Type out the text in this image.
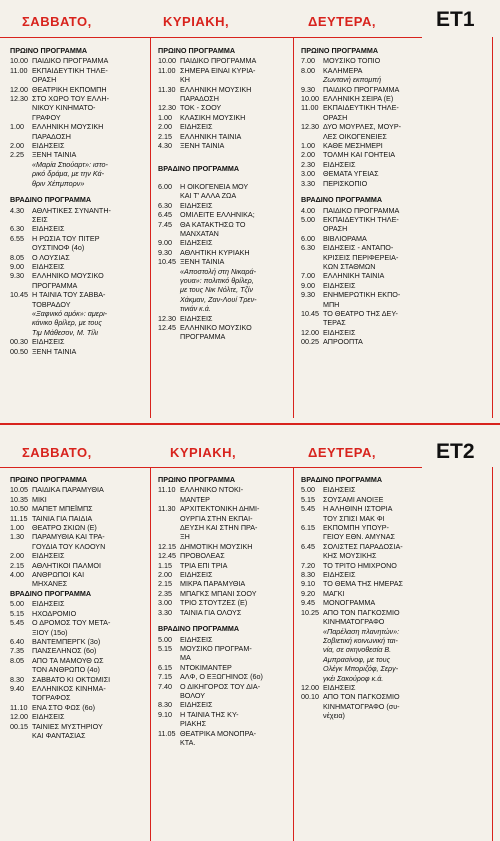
ΣΑΒΒΑΤΟ,	ΚΥΡΙΑΚΗ,	ΔΕΥΤΕΡΑ,	ET1
ΠΡΩΙΝΟ ΠΡΟΓΡΑΜΜΑ
10.00 ΠΑΙΔΙΚΟ ΠΡΟΓΡΑΜΜΑ
11.00 ΕΚΠΑΙΔΕΥΤΙΚΗ ΤΗΛΕ-
ΟΡΑΣΗ
12.00 ΘΕΑΤΡΙΚΗ ΕΚΠΟΜΠΗ
12.30 ΣΤΟ ΧΩΡΟ ΤΟΥ ΕΛΛΗ-
ΝΙΚΟΥ ΚΙΝΗΜΑΤΟ-
ΓΡΑΦΟΥ
1.00	ΕΛΛΗΝΙΚΗ ΜΟΥΣΙΚΗ
ΠΑΡΑΔΟΣΗ
2.00	ΕΙΔΗΣΕΙΣ
2.25	ΞΕΝΗ ΤΑΙΝΙΑ
«Μαρία Στιούαρτ»: ιστο-
ρικό δράμα, με την Κά-
θριν Χέπμπορν»
ΒΡΑΔΙΝΟ ΠΡΟΓΡΑΜΜΑ
4.30	ΑΘΛΗΤΙΚΕΣ ΣΥΝΑΝΤΗ-
ΣΕΙΣ
6.30	ΕΙΔΗΣΕΙΣ
6.55	Η ΡΩΣΙΑ ΤΟΥ ΠΙΤΕΡ
ΟΥΣΤΙΝΟΦ (4ο)
8.05	Ο ΛΟΥΣΙΑΣ
9.00	ΕΙΔΗΣΕΙΣ
9.30	ΕΛΛΗΝΙΚΟ ΜΟΥΣΙΚΟ
ΠΡΟΓΡΑΜΜΑ
10.45 Η ΤΑΙΝΙΑ ΤΟΥ ΣΑΒΒΑ-
ΤΟΒΡΑΔΟΥ
«Ξαφνικό αμόκ»: αμερι-
κάνικο θρίλερ, με τους
Τιμ Μάθεσον, Μ. Τίλι
00.30 ΕΙΔΗΣΕΙΣ
00.50 ΞΕΝΗ ΤΑΙΝΙΑ
ΠΡΩΙΝΟ ΠΡΟΓΡΑΜΜΑ
10.00 ΠΑΙΔΙΚΟ ΠΡΟΓΡΑΜΜΑ
11.00 ΣΗΜΕΡΑ ΕΙΝΑΙ ΚΥΡΙΑ-
ΚΗ
11.30 ΕΛΛΗΝΙΚΗ ΜΟΥΣΙΚΗ
ΠΑΡΑΔΟΣΗ
12.30 ΤΟΚ - ΣΟΟΥ
1.00	ΚΛΑΣΙΚΗ ΜΟΥΣΙΚΗ
2.00	ΕΙΔΗΣΕΙΣ
2.15	ΕΛΛΗΝΙΚΗ ΤΑΙΝΙΑ
4.30	ΞΕΝΗ ΤΑΙΝΙΑ
ΒΡΑΔΙΝΟ ΠΡΟΓΡΑΜΜΑ
6.00	Η ΟΙΚΟΓΕΝΕΙΑ ΜΟΥ
ΚΑΙ Τ' ΑΛΛΑ ΖΩΑ
6.30	ΕΙΔΗΣΕΙΣ
6.45	ΟΜΙΛΕΙΤΕ ΕΛΛΗΝΙΚΑ;
7.45	ΘΑ ΚΑΤΑΚΤΗΣΩ ΤΟ
ΜΑΝΧΑΤΑΝ
9.00	ΕΙΔΗΣΕΙΣ
9.30	ΑΘΛΗΤΙΚΗ ΚΥΡΙΑΚΗ
10.45 ΞΕΝΗ ΤΑΙΝΙΑ
«Αποστολή στη Νικαρά-
γουα»: πολιτικό θρίλερ,
με τους Νικ Νόλτε, Τζίν
Χάκμαν, Ζαν-Λουί Τρεν-
τινιάν κ.ά.
12.30 ΕΙΔΗΣΕΙΣ
12.45 ΕΛΛΗΝΙΚΟ ΜΟΥΣΙΚΟ
ΠΡΟΓΡΑΜΜΑ
ΠΡΩΙΝΟ ΠΡΟΓΡΑΜΜΑ
7.00	ΜΟΥΣΙΚΟ ΤΟΠΙΟ
8.00	ΚΑΛΗΜΕΡΑ
Ζωντανή εκπομπή
9.30	ΠΑΙΔΙΚΟ ΠΡΟΓΡΑΜΜΑ
10.00 ΕΛΛΗΝΙΚΗ ΣΕΙΡΑ (Ε)
11.00 ΕΚΠΑΙΔΕΥΤΙΚΗ ΤΗΛΕ-
ΟΡΑΣΗ
12.30 ΔΥΟ ΜΟΥΡΛΕΣ, ΜΟΥΡ-
ΛΕΣ ΟΙΚΟΓΕΝΕΙΕΣ
1.00	ΚΑΘΕ ΜΕΣΗΜΕΡΙ
2.00	ΤΟΛΜΗ ΚΑΙ ΓΟΗΤΕΙΑ
2.30	ΕΙΔΗΣΕΙΣ
3.00	ΘΕΜΑΤΑ ΥΓΕΙΑΣ
3.30	ΠΕΡΙΣΚΟΠΙΟ
ΒΡΑΔΙΝΟ ΠΡΟΓΡΑΜΜΑ
4.00	ΠΑΙΔΙΚΟ ΠΡΟΓΡΑΜΜΑ
5.00	ΕΚΠΑΙΔΕΥΤΙΚΗ ΤΗΛΕ-
ΟΡΑΣΗ
6.00	ΒΙΒΛΙΟΡΑΜΑ
6.30	ΕΙΔΗΣΕΙΣ - ΑΝΤΑΠΟ-
ΚΡΙΣΕΙΣ ΠΕΡΙΦΕΡΕΙΑ-
ΚΩΝ ΣΤΑΘΜΩΝ
7.00	ΕΛΛΗΝΙΚΗ ΤΑΙΝΙΑ
9.00	ΕΙΔΗΣΕΙΣ
9.30	ΕΝΗΜΕΡΩΤΙΚΗ ΕΚΠΟ-
ΜΠΗ
10.45 ΤΟ ΘΕΑΤΡΟ ΤΗΣ ΔΕΥ-
ΤΕΡΑΣ
12.00 ΕΙΔΗΣΕΙΣ
00.25 ΑΠΡΟΟΠΤΑ
ΣΑΒΒΑΤΟ,	ΚΥΡΙΑΚΗ,	ΔΕΥΤΕΡΑ,	ET2
ΠΡΩΙΝΟ ΠΡΟΓΡΑΜΜΑ
10.05 ΠΑΙΔΙΚΑ ΠΑΡΑΜΥΘΙΑ
10.35 ΜΙΚΙ
10.50 ΜΑΠΕΤ ΜΠΕΪΜΠΣ
11.15 ΤΑΙΝΙΑ ΓΙΑ ΠΑΙΔΙΑ
1.00	ΘΕΑΤΡΟ ΣΚΙΩΝ (Ε)
1.30	ΠΑΡΑΜΥΘΙΑ ΚΑΙ ΤΡΑ-
ΓΟΥΔΙΑ ΤΟΥ ΚΛΟΟΥΝ
2.00	ΕΙΔΗΣΕΙΣ
2.15	ΑΘΛΗΤΙΚΟΙ ΠΑΛΜΟΙ
4.00	ΑΝΘΡΩΠΟΙ ΚΑΙ
ΜΗΧΑΝΕΣ
ΒΡΑΔΙΝΟ ΠΡΟΓΡΑΜΜΑ
5.00	ΕΙΔΗΣΕΙΣ
5.15	ΗΧΟΔΡΟΜΙΟ
5.45	Ο ΔΡΟΜΟΣ ΤΟΥ ΜΕΤΑ-
ΞΙΟΥ (15ο)
6.40	ΒΑΝΤΕΜΠΕΡΓΚ (3ο)
7.35	ΠΑΝΣΕΛΗΝΟΣ (6ο)
8.05	ΑΠΟ ΤΑ ΜΑΜΟΥΘ ΩΣ
ΤΟΝ ΑΝΘΡΩΠΟ (4ο)
8.30	ΣΑΒΒΑΤΟ ΚΙ ΟΚΤΩΜΙΣΙ
9.40	ΕΛΛΗΝΙΚΟΣ ΚΙΝΗΜΑ-
ΤΟΓΡΑΦΟΣ
11.10 ΕΝΑ ΣΤΟ ΦΩΣ (6ο)
12.00 ΕΙΔΗΣΕΙΣ
00.15 ΤΑΙΝΙΕΣ ΜΥΣΤΗΡΙΟΥ
ΚΑΙ ΦΑΝΤΑΣΙΑΣ
ΠΡΩΙΝΟ ΠΡΟΓΡΑΜΜΑ
11.10 ΕΛΛΗΝΙΚΟ ΝΤΟΚΙ-
ΜΑΝΤΕΡ
11.30 ΑΡΧΙΤΕΚΤΟΝΙΚΗ ΔΗΜΙ-
ΟΥΡΓΙΑ ΣΤΗΝ ΕΚΠΑΙ-
ΔΕΥΣΗ ΚΑΙ ΣΤΗΝ ΠΡΑ-
ΞΗ
12.15 ΔΗΜΟΤΙΚΗ ΜΟΥΣΙΚΗ
12.45 ΠΡΟΒΟΛΕΑΣ
1.15	ΤΡΙΑ ΕΠΙ ΤΡΙΑ
2.00	ΕΙΔΗΣΕΙΣ
2.15	ΜΙΚΡΑ ΠΑΡΑΜΥΘΙΑ
2.35	ΜΠΑΓΚΣ ΜΠΑΝΙ ΣΟΟΥ
3.00	ΤΡΙΟ ΣΤΟΥΤΖΕΣ (Ε)
3.30	ΤΑΙΝΙΑ ΓΙΑ ΟΛΟΥΣ
ΒΡΑΔΙΝΟ ΠΡΟΓΡΑΜΜΑ
5.00	ΕΙΔΗΣΕΙΣ
5.15	ΜΟΥΣΙΚΟ ΠΡΟΓΡΑΜ-
ΜΑ
6.15	ΝΤΟΚΙΜΑΝΤΕΡ
7.15	ΑΛΦ, Ο ΕΞΩΓΗΙΝΟΣ (6ο)
7.40	Ο ΔΙΚΗΓΟΡΟΣ ΤΟΥ ΔΙΑ-
ΒΟΛΟΥ
8.30	ΕΙΔΗΣΕΙΣ
9.10	Η ΤΑΙΝΙΑ ΤΗΣ ΚΥ-
ΡΙΑΚΗΣ
11.05 ΘΕΑΤΡΙΚΑ ΜΟΝΟΠΡΑ-
ΚΤΑ.
ΒΡΑΔΙΝΟ ΠΡΟΓΡΑΜΜΑ
5.00	ΕΙΔΗΣΕΙΣ
5.15	ΣΟΥΣΑΜΙ ΑΝΟΙΞΕ
5.45	Η ΑΛΗΘΙΝΗ ΙΣΤΟΡΙΑ
ΤΟΥ ΣΠΙΣΙ ΜΑΚ ΦΙ
6.15	ΕΚΠΟΜΠΗ ΥΠΟΥΡ-
ΓΕΙΟΥ ΕΘΝ. ΑΜΥΝΑΣ
6.45	ΣΟΛΙΣΤΕΣ ΠΑΡΑΔΟΣΙΑ-
ΚΗΣ ΜΟΥΣΙΚΗΣ
7.20	ΤΟ ΤΡΙΤΟ ΗΜΙΧΡΟΝΟ
8.30	ΕΙΔΗΣΕΙΣ
9.10	ΤΟ ΘΕΜΑ ΤΗΣ ΗΜΕΡΑΣ
9.20	ΜΑΓΚΙ
9.45	ΜΟΝΟΓΡΑΜΜΑ
10.25 ΑΠΟ ΤΟΝ ΠΑΓΚΟΣΜΙΟ
ΚΙΝΗΜΑΤΟΓΡΑΦΟ
«Παρέλαση πλανητών»:
Σοβιετική κοινωνική ται-
νία, σε σκηνοθεσία Β.
Αμπρασίνοφ, με τους
Ολέγκ Μποριζόφ, Σεργ-
γκέι Σακούροφ κ.ά.
12.00 ΕΙΔΗΣΕΙΣ
00.10 ΑΠΟ ΤΟΝ ΠΑΓΚΟΣΜΙΟ
ΚΙΝΗΜΑΤΟΓΡΑΦΟ (συ-
νέχεια)
